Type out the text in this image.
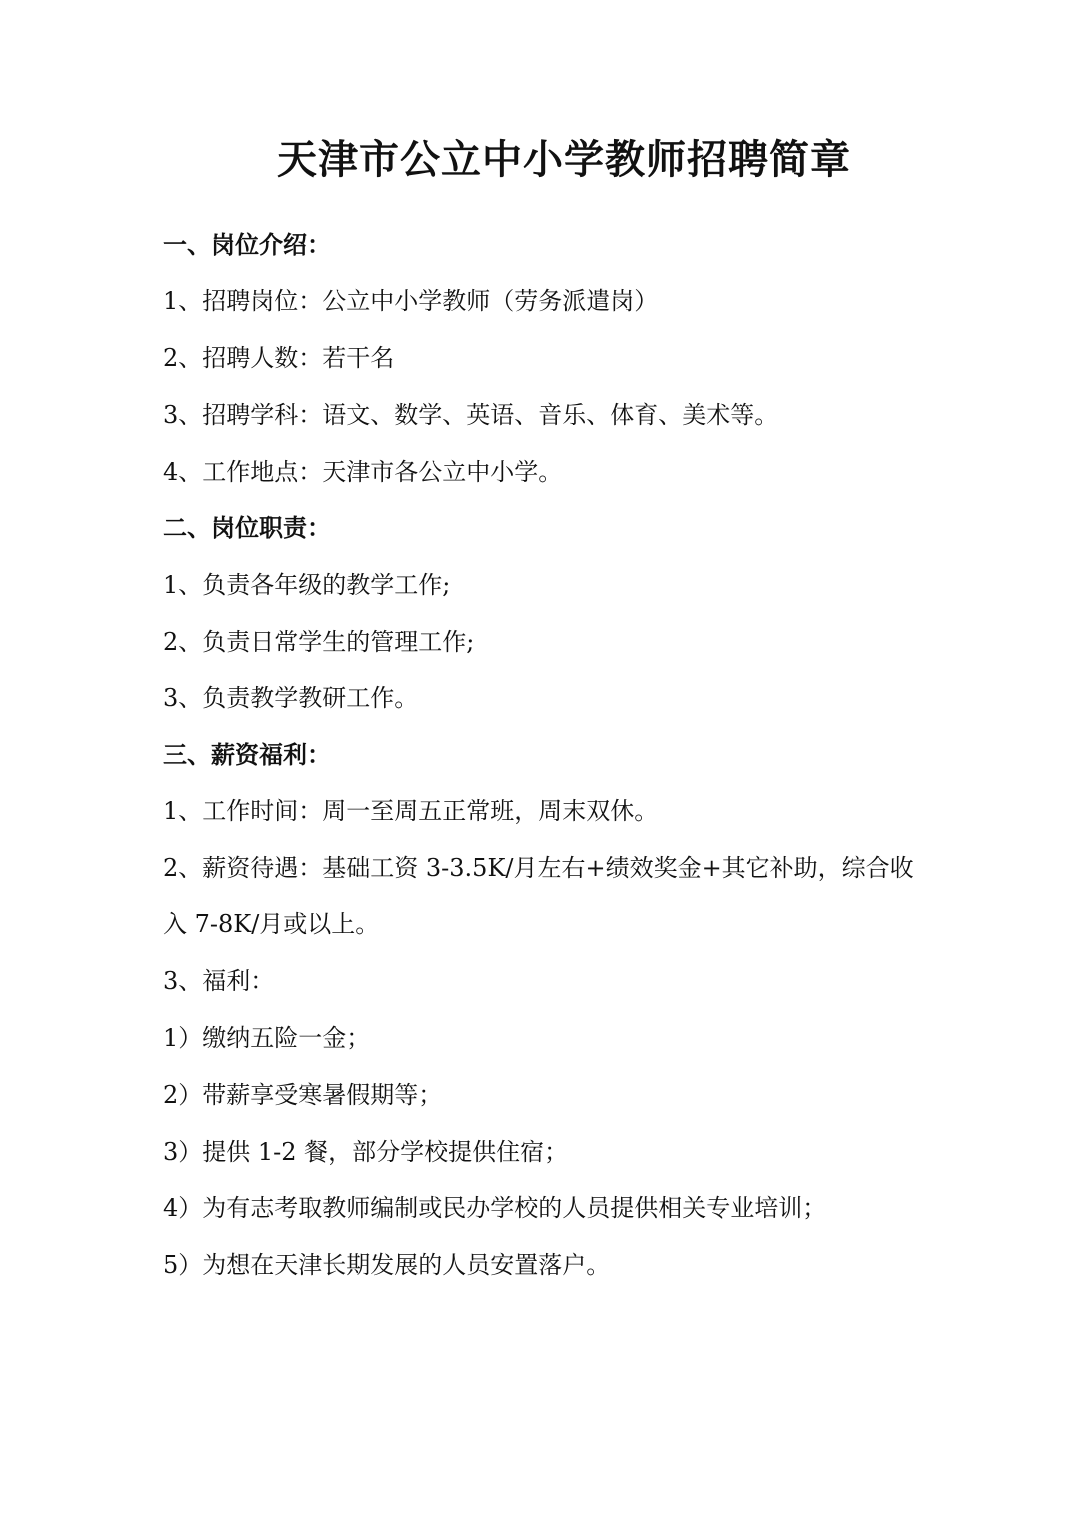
天津市公立中小学教师招聘简章
一、岗位介绍：
1、招聘岗位：公立中小学教师（劳务派遣岗）
2、招聘人数：若干名
3、招聘学科：语文、数学、英语、音乐、体育、美术等。
4、工作地点：天津市各公立中小学。
二、岗位职责：
1、负责各年级的教学工作;
2、负责日常学生的管理工作;
3、负责教学教研工作。
三、薪资福利：
1、工作时间：周一至周五正常班，周末双休。
2、薪资待遇：基础工资 3-3.5K/月左右+绩效奖金+其它补助，综合收
入 7-8K/月或以上。
3、福利：
1）缴纳五险一金；
2）带薪享受寒暑假期等；
3）提供 1-2 餐，部分学校提供住宿；
4）为有志考取教师编制或民办学校的人员提供相关专业培训；
5）为想在天津长期发展的人员安置落户。
